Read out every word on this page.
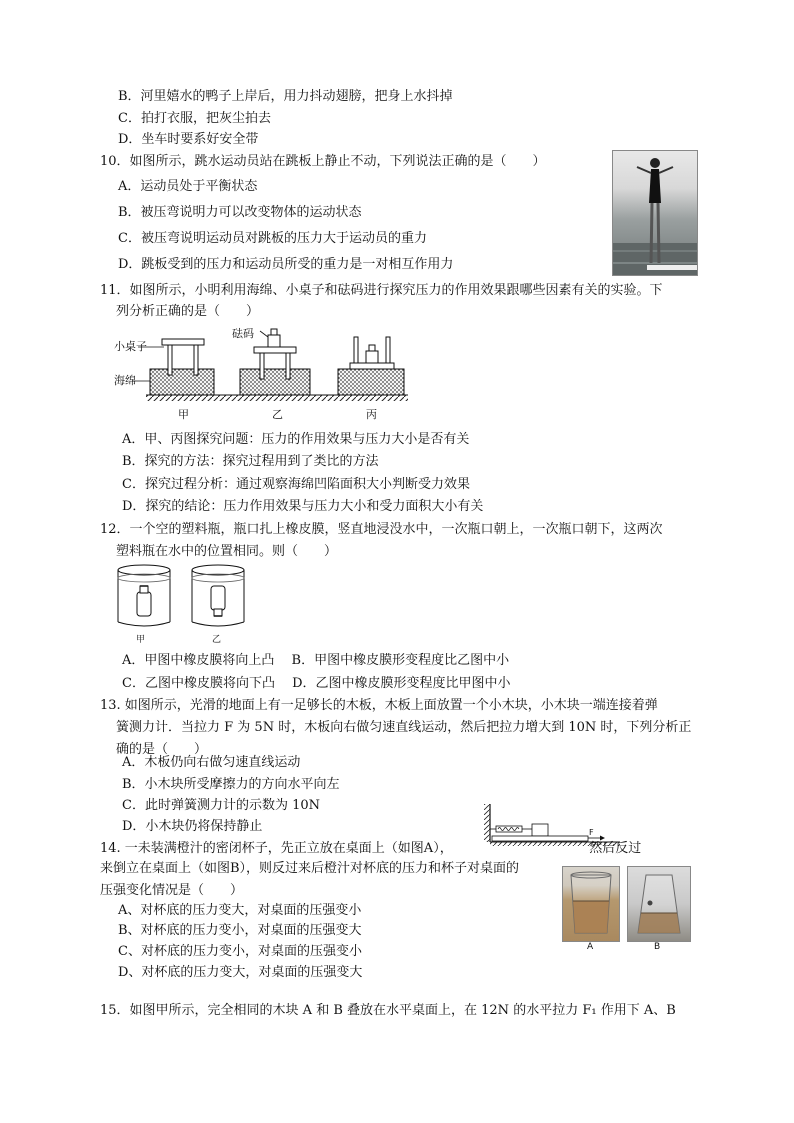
B．河里嬉水的鸭子上岸后，用力抖动翅膀，把身上水抖掉
C．拍打衣服，把灰尘拍去
D．坐车时要系好安全带
10．如图所示，跳水运动员站在跳板上静止不动，下列说法正确的是（　　）
A．运动员处于平衡状态
B．被压弯说明力可以改变物体的运动状态
C．被压弯说明运动员对跳板的压力大于运动员的重力
D．跳板受到的压力和运动员所受的重力是一对相互作用力
11．如图所示，小明利用海绵、小桌子和砝码进行探究压力的作用效果跟哪些因素有关的实验。下
列分析正确的是（　　）
小桌子
海绵
砝码
甲	乙	丙
A．甲、丙图探究问题：压力的作用效果与压力大小是否有关
B．探究的方法：探究过程用到了类比的方法
C．探究过程分析：通过观察海绵凹陷面积大小判断受力效果
D．探究的结论：压力作用效果与压力大小和受力面积大小有关
12．一个空的塑料瓶，瓶口扎上橡皮膜，竖直地浸没水中，一次瓶口朝上，一次瓶口朝下，这两次
塑料瓶在水中的位置相同。则（　　）
甲	乙
A．甲图中橡皮膜将向上凸　 B．甲图中橡皮膜形变程度比乙图中小
C．乙图中橡皮膜将向下凸　 D．乙图中橡皮膜形变程度比甲图中小
13. 如图所示，光滑的地面上有一足够长的木板，木板上面放置一个小木块，小木块一端连接着弹
簧测力计．当拉力 F 为 5N 时，木板向右做匀速直线运动，然后把拉力增大到 10N 时，下列分析正
确的是（　　）
A．木板仍向右做匀速直线运动
B．小木块所受摩擦力的方向水平向左
C．此时弹簧测力计的示数为 10N
D．小木块仍将保持静止	F
14. 一未装满橙汁的密闭杯子，先正立放在桌面上（如图A），　　　　　　　　　　　然后反过
来倒立在桌面上（如图B），则反过来后橙汁对杯底的压力和杯子对桌面的
压强变化情况是（　　）
A、对杯底的压力变大，对桌面的压强变小
B、对杯底的压力变小，对桌面的压强变大
C、对杯底的压力变小，对桌面的压强变小
D、对杯底的压力变大，对桌面的压强变大
A	B
15．如图甲所示，完全相同的木块 A 和 B 叠放在水平桌面上，在 12N 的水平拉力 F₁ 作用下 A、B
